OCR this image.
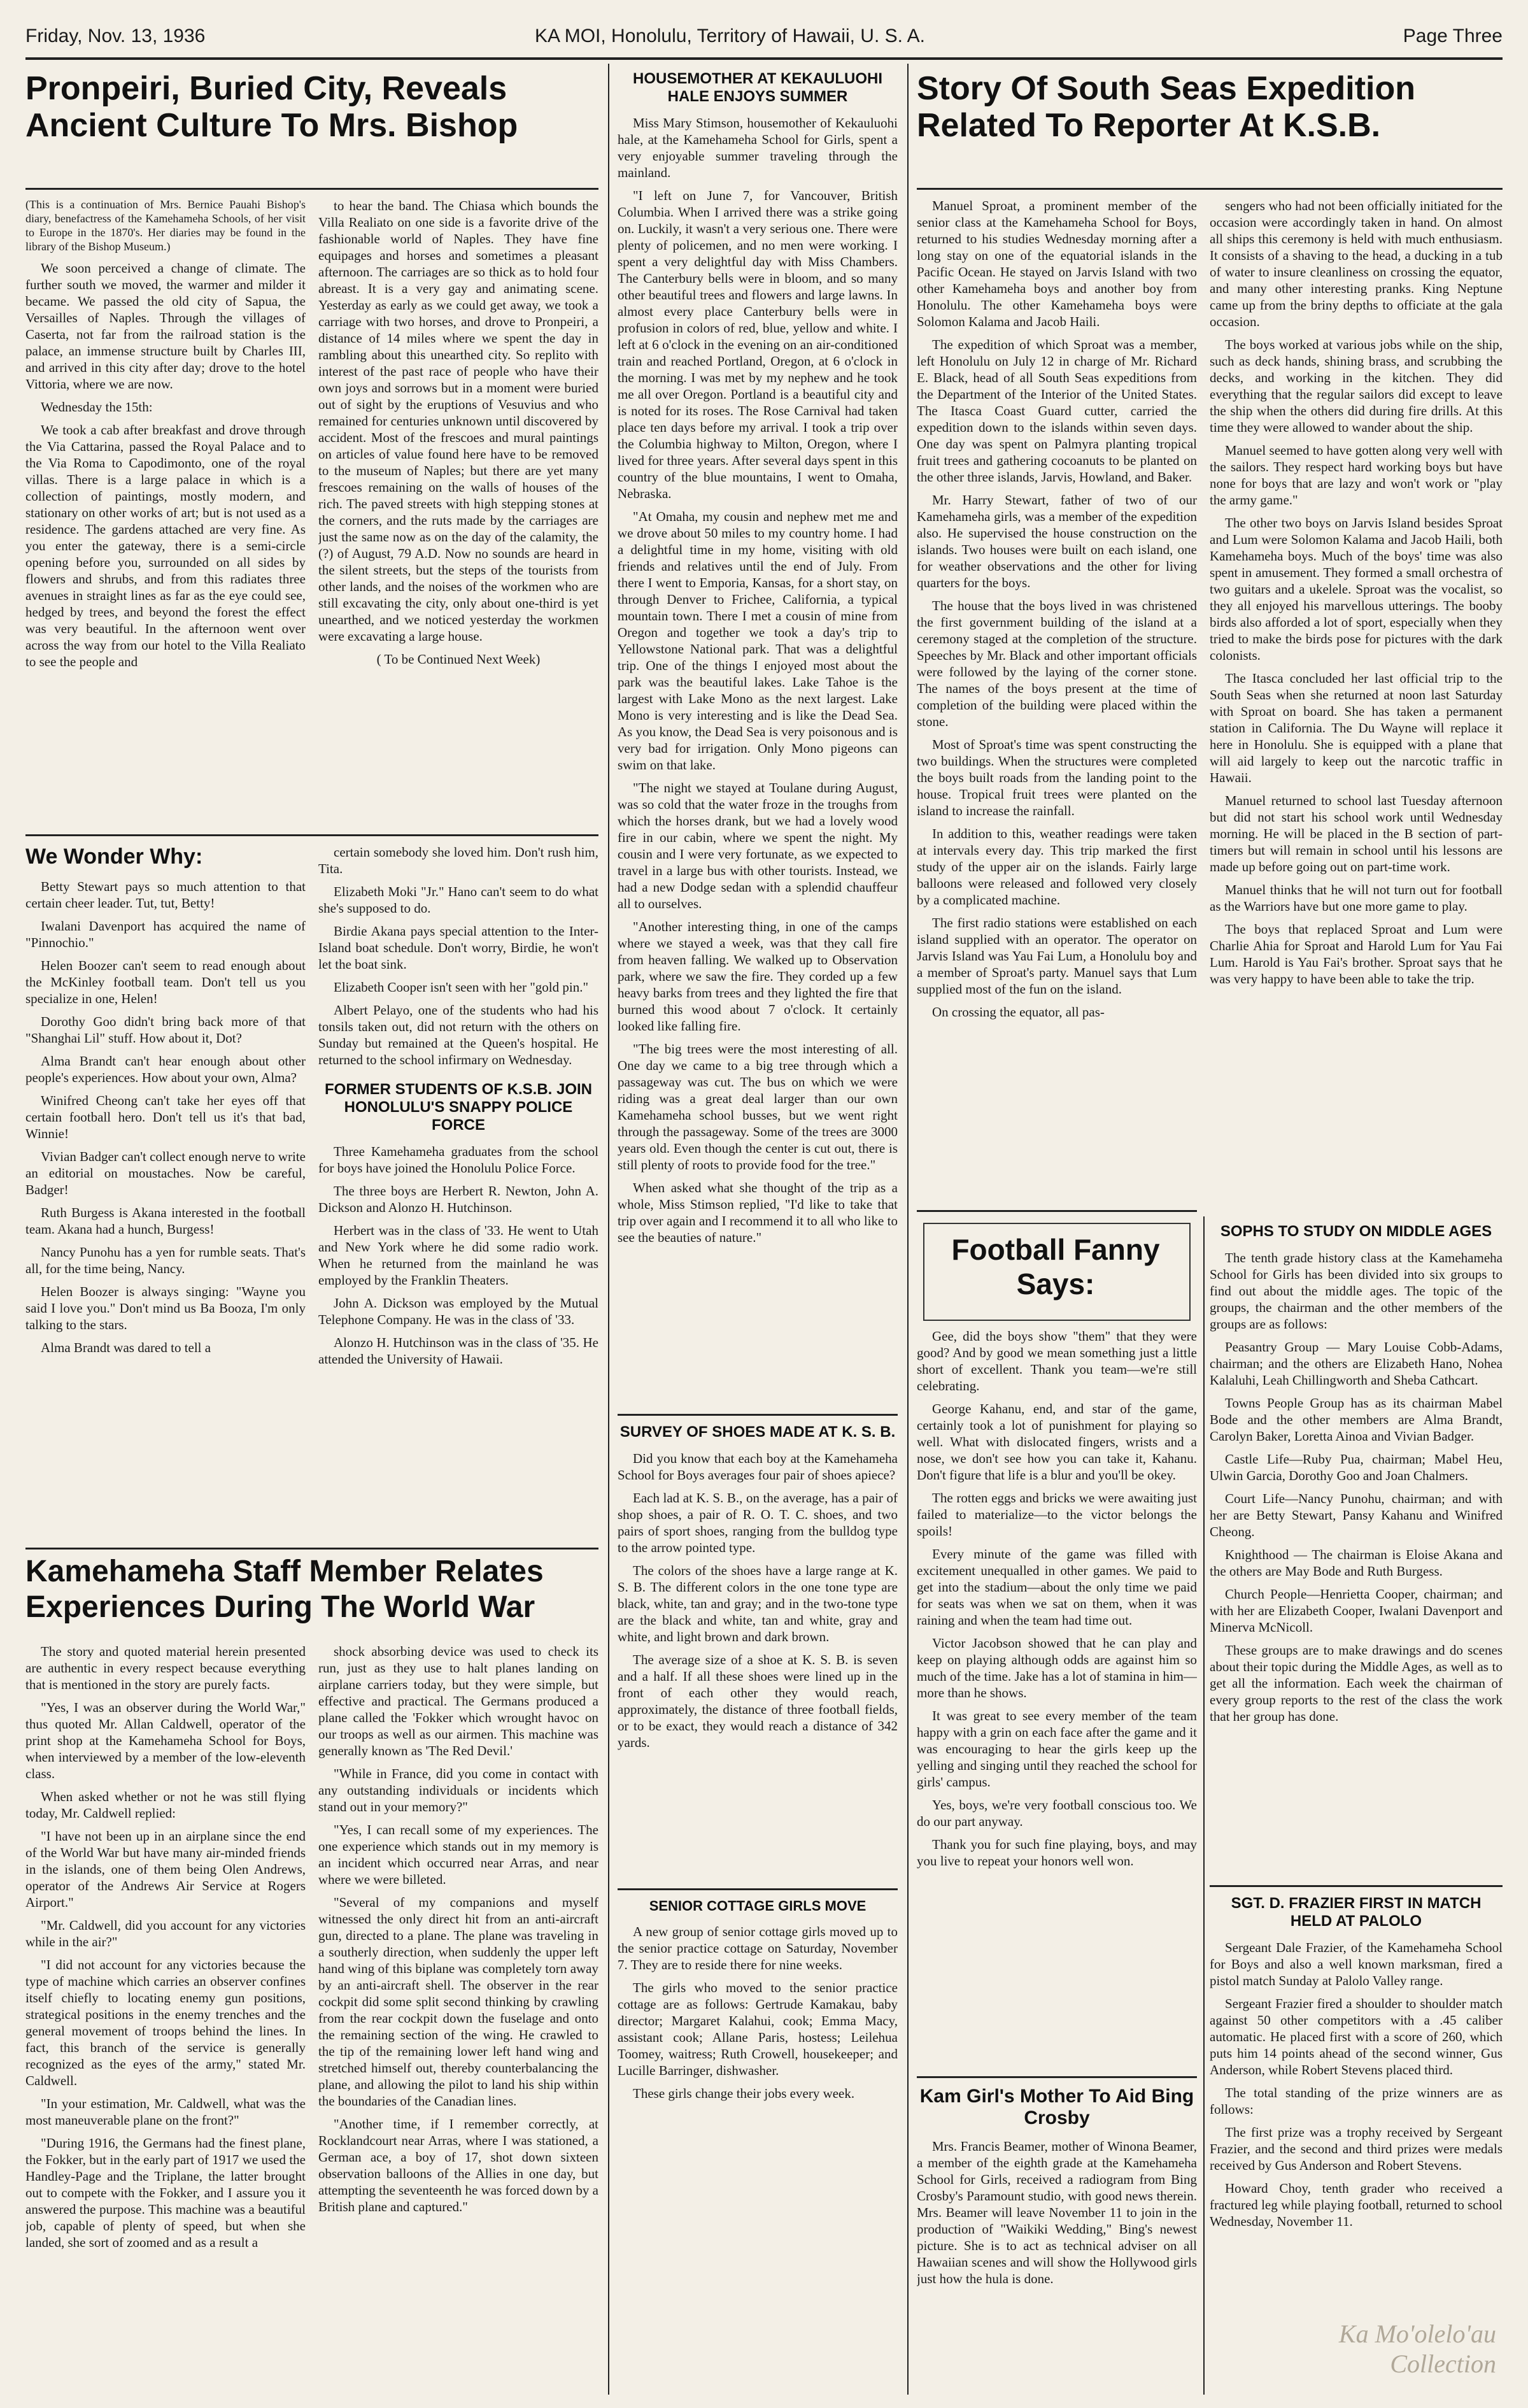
Friday, Nov. 13, 1936	KA MOI, Honolulu, Territory of Hawaii, U. S. A.	Page Three
Pronpeiri, Buried City, Reveals Ancient Culture To Mrs. Bishop

(This is a continuation of Mrs. Bernice Pauahi Bishop's diary, benefactress of the Kamehameha Schools, of her visit to Europe in the 1870's. Her diaries may be found in the library of the Bishop Museum.)

We soon perceived a change of climate. The further south we moved, the warmer and milder it became. We passed the old city of Sapua, the Versailles of Naples. Through the villages of Caserta, not far from the railroad station is the palace, an immense structure built by Charles III, and arrived in this city after day; drove to the hotel Vittoria, where we are now.

Wednesday the 15th:

We took a cab after breakfast and drove through the Via Cattarina, passed the Royal Palace and to the Via Roma to Capodimonto, one of the royal villas. There is a large palace in which is a collection of paintings, mostly modern, and stationary on other works of art; but is not used as a residence. The gardens attached are very fine. As you enter the gateway, there is a semi-circle opening before you, surrounded on all sides by flowers and shrubs, and from this radiates three avenues in straight lines as far as the eye could see, hedged by trees, and beyond the forest the effect was very beautiful. In the afternoon went over across the way from our hotel to the Villa Realiato to see the people and

to hear the band. The Chiasa which bounds the Villa Realiato on one side is a favorite drive of the fashionable world of Naples. They have fine equipages and horses and sometimes a pleasant afternoon. The carriages are so thick as to hold four abreast. It is a very gay and animating scene. Yesterday as early as we could get away, we took a carriage with two horses, and drove to Pronpeiri, a distance of 14 miles where we spent the day in rambling about this unearthed city. So replito with interest of the past race of people who have their own joys and sorrows but in a moment were buried out of sight by the eruptions of Vesuvius and who remained for centuries unknown until discovered by accident. Most of the frescoes and mural paintings on articles of value found here have to be removed to the museum of Naples; but there are yet many frescoes remaining on the walls of houses of the rich. The paved streets with high stepping stones at the corners, and the ruts made by the carriages are just the same now as on the day of the calamity, the (?) of August, 79 A.D. Now no sounds are heard in the silent streets, but the steps of the tourists from other lands, and the noises of the workmen who are still excavating the city, only about one-third is yet unearthed, and we noticed yesterday the workmen were excavating a large house.

( To be Continued Next Week)

We Wonder Why:

Betty Stewart pays so much attention to that certain cheer leader. Tut, tut, Betty!

Iwalani Davenport has acquired the name of "Pinnochio."

Helen Boozer can't seem to read enough about the McKinley football team. Don't tell us you specialize in one, Helen!

Dorothy Goo didn't bring back more of that "Shanghai Lil" stuff. How about it, Dot?

Alma Brandt can't hear enough about other people's experiences. How about your own, Alma?

Winifred Cheong can't take her eyes off that certain football hero. Don't tell us it's that bad, Winnie!

Vivian Badger can't collect enough nerve to write an editorial on moustaches. Now be careful, Badger!

Ruth Burgess is Akana interested in the football team. Akana had a hunch, Burgess!

Nancy Punohu has a yen for rumble seats. That's all, for the time being, Nancy.

Helen Boozer is always singing: "Wayne you said I love you." Don't mind us Ba Booza, I'm only talking to the stars.

Alma Brandt was dared to tell a

certain somebody she loved him. Don't rush him, Tita.

Elizabeth Moki "Jr." Hano can't seem to do what she's supposed to do.

Birdie Akana pays special attention to the Inter-Island boat schedule. Don't worry, Birdie, he won't let the boat sink.

Elizabeth Cooper isn't seen with her "gold pin."

Albert Pelayo, one of the students who had his tonsils taken out, did not return with the others on Sunday but remained at the Queen's hospital. He returned to the school infirmary on Wednesday.

FORMER STUDENTS OF K.S.B. JOIN HONOLULU'S SNAPPY POLICE FORCE

Three Kamehameha graduates from the school for boys have joined the Honolulu Police Force.

The three boys are Herbert R. Newton, John A. Dickson and Alonzo H. Hutchinson.

Herbert was in the class of '33. He went to Utah and New York where he did some radio work. When he returned from the mainland he was employed by the Franklin Theaters.

John A. Dickson was employed by the Mutual Telephone Company. He was in the class of '33.

Alonzo H. Hutchinson was in the class of '35. He attended the University of Hawaii.

Kamehameha Staff Member Relates Experiences During The World War

The story and quoted material herein presented are authentic in every respect because everything that is mentioned in the story are purely facts.

"Yes, I was an observer during the World War," thus quoted Mr. Allan Caldwell, operator of the print shop at the Kamehameha School for Boys, when interviewed by a member of the low-eleventh class.

When asked whether or not he was still flying today, Mr. Caldwell replied:

"I have not been up in an airplane since the end of the World War but have many air-minded friends in the islands, one of them being Olen Andrews, operator of the Andrews Air Service at Rogers Airport."

"Mr. Caldwell, did you account for any victories while in the air?"

"I did not account for any victories because the type of machine which carries an observer confines itself chiefly to locating enemy gun positions, strategical positions in the enemy trenches and the general movement of troops behind the lines. In fact, this branch of the service is generally recognized as the eyes of the army," stated Mr. Caldwell.

"In your estimation, Mr. Caldwell, what was the most maneuverable plane on the front?"

"During 1916, the Germans had the finest plane, the Fokker, but in the early part of 1917 we used the Handley-Page and the Triplane, the latter brought out to compete with the Fokker, and I assure you it answered the purpose. This machine was a beautiful job, capable of plenty of speed, but when she landed, she sort of zoomed and as a result a

shock absorbing device was used to check its run, just as they use to halt planes landing on airplane carriers today, but they were simple, but effective and practical. The Germans produced a plane called the 'Fokker which wrought havoc on our troops as well as our airmen. This machine was generally known as 'The Red Devil.'

"While in France, did you come in contact with any outstanding individuals or incidents which stand out in your memory?"

"Yes, I can recall some of my experiences. The one experience which stands out in my memory is an incident which occurred near Arras, and near where we were billeted.

"Several of my companions and myself witnessed the only direct hit from an anti-aircraft gun, directed to a plane. The plane was traveling in a southerly direction, when suddenly the upper left hand wing of this biplane was completely torn away by an anti-aircraft shell. The observer in the rear cockpit did some split second thinking by crawling from the rear cockpit down the fuselage and onto the remaining section of the wing. He crawled to the tip of the remaining lower left hand wing and stretched himself out, thereby counterbalancing the plane, and allowing the pilot to land his ship within the boundaries of the Canadian lines.

"Another time, if I remember correctly, at Rocklandcourt near Arras, where I was stationed, a German ace, a boy of 17, shot down sixteen observation balloons of the Allies in one day, but attempting the seventeenth he was forced down by a British plane and captured."

HOUSEMOTHER AT KEKAULUOHI HALE ENJOYS SUMMER

Miss Mary Stimson, housemother of Kekauluohi hale, at the Kamehameha School for Girls, spent a very enjoyable summer traveling through the mainland.

"I left on June 7, for Vancouver, British Columbia. When I arrived there was a strike going on. Luckily, it wasn't a very serious one. There were plenty of policemen, and no men were working. I spent a very delightful day with Miss Chambers. The Canterbury bells were in bloom, and so many other beautiful trees and flowers and large lawns. In almost every place Canterbury bells were in profusion in colors of red, blue, yellow and white. I left at 6 o'clock in the evening on an air-conditioned train and reached Portland, Oregon, at 6 o'clock in the morning. I was met by my nephew and he took me all over Oregon. Portland is a beautiful city and is noted for its roses. The Rose Carnival had taken place ten days before my arrival. I took a trip over the Columbia highway to Milton, Oregon, where I lived for three years. After several days spent in this country of the blue mountains, I went to Omaha, Nebraska.

"At Omaha, my cousin and nephew met me and we drove about 50 miles to my country home. I had a delightful time in my home, visiting with old friends and relatives until the end of July. From there I went to Emporia, Kansas, for a short stay, on through Denver to Frichee, California, a typical mountain town. There I met a cousin of mine from Oregon and together we took a day's trip to Yellowstone National park. That was a delightful trip. One of the things I enjoyed most about the park was the beautiful lakes. Lake Tahoe is the largest with Lake Mono as the next largest. Lake Mono is very interesting and is like the Dead Sea. As you know, the Dead Sea is very poisonous and is very bad for irrigation. Only Mono pigeons can swim on that lake.

"The night we stayed at Toulane during August, was so cold that the water froze in the troughs from which the horses drank, but we had a lovely wood fire in our cabin, where we spent the night. My cousin and I were very fortunate, as we expected to travel in a large bus with other tourists. Instead, we had a new Dodge sedan with a splendid chauffeur all to ourselves.

"Another interesting thing, in one of the camps where we stayed a week, was that they call fire from heaven falling. We walked up to Observation park, where we saw the fire. They corded up a few heavy barks from trees and they lighted the fire that burned this wood about 7 o'clock. It certainly looked like falling fire.

"The big trees were the most interesting of all. One day we came to a big tree through which a passageway was cut. The bus on which we were riding was a great deal larger than our own Kamehameha school busses, but we went right through the passageway. Some of the trees are 3000 years old. Even though the center is cut out, there is still plenty of roots to provide food for the tree."

When asked what she thought of the trip as a whole, Miss Stimson replied, "I'd like to take that trip over again and I recommend it to all who like to see the beauties of nature."

SURVEY OF SHOES MADE AT K. S. B.

Did you know that each boy at the Kamehameha School for Boys averages four pair of shoes apiece?

Each lad at K. S. B., on the average, has a pair of shop shoes, a pair of R. O. T. C. shoes, and two pairs of sport shoes, ranging from the bulldog type to the arrow pointed type.

The colors of the shoes have a large range at K. S. B. The different colors in the one tone type are black, white, tan and gray; and in the two-tone type are the black and white, tan and white, gray and white, and light brown and dark brown.

The average size of a shoe at K. S. B. is seven and a half. If all these shoes were lined up in the front of each other they would reach, approximately, the distance of three football fields, or to be exact, they would reach a distance of 342 yards.

SENIOR COTTAGE GIRLS MOVE

A new group of senior cottage girls moved up to the senior practice cottage on Saturday, November 7. They are to reside there for nine weeks.

The girls who moved to the senior practice cottage are as follows: Gertrude Kamakau, baby director; Margaret Kalahui, cook; Emma Macy, assistant cook; Allane Paris, hostess; Leilehua Toomey, waitress; Ruth Crowell, housekeeper; and Lucille Barringer, dishwasher.

These girls change their jobs every week.

Story Of South Seas Expedition Related To Reporter At K.S.B.

Manuel Sproat, a prominent member of the senior class at the Kamehameha School for Boys, returned to his studies Wednesday morning after a long stay on one of the equatorial islands in the Pacific Ocean. He stayed on Jarvis Island with two other Kamehameha boys and another boy from Honolulu. The other Kamehameha boys were Solomon Kalama and Jacob Haili.

The expedition of which Sproat was a member, left Honolulu on July 12 in charge of Mr. Richard E. Black, head of all South Seas expeditions from the Department of the Interior of the United States. The Itasca Coast Guard cutter, carried the expedition down to the islands within seven days. One day was spent on Palmyra planting tropical fruit trees and gathering cocoanuts to be planted on the other three islands, Jarvis, Howland, and Baker.

Mr. Harry Stewart, father of two of our Kamehameha girls, was a member of the expedition also. He supervised the house construction on the islands. Two houses were built on each island, one for weather observations and the other for living quarters for the boys.

The house that the boys lived in was christened the first government building of the island at a ceremony staged at the completion of the structure. Speeches by Mr. Black and other important officials were followed by the laying of the corner stone. The names of the boys present at the time of completion of the building were placed within the stone.

Most of Sproat's time was spent constructing the two buildings. When the structures were completed the boys built roads from the landing point to the house. Tropical fruit trees were planted on the island to increase the rainfall.

In addition to this, weather readings were taken at intervals every day. This trip marked the first study of the upper air on the islands. Fairly large balloons were released and followed very closely by a complicated machine.

The first radio stations were established on each island supplied with an operator. The operator on Jarvis Island was Yau Fai Lum, a Honolulu boy and a member of Sproat's party. Manuel says that Lum supplied most of the fun on the island.

On crossing the equator, all pas-

sengers who had not been officially initiated for the occasion were accordingly taken in hand. On almost all ships this ceremony is held with much enthusiasm. It consists of a shaving to the head, a ducking in a tub of water to insure cleanliness on crossing the equator, and many other interesting pranks. King Neptune came up from the briny depths to officiate at the gala occasion.

The boys worked at various jobs while on the ship, such as deck hands, shining brass, and scrubbing the decks, and working in the kitchen. They did everything that the regular sailors did except to leave the ship when the others did during fire drills. At this time they were allowed to wander about the ship.

Manuel seemed to have gotten along very well with the sailors. They respect hard working boys but have none for boys that are lazy and won't work or "play the army game."

The other two boys on Jarvis Island besides Sproat and Lum were Solomon Kalama and Jacob Haili, both Kamehameha boys. Much of the boys' time was also spent in amusement. They formed a small orchestra of two guitars and a ukelele. Sproat was the vocalist, so they all enjoyed his marvellous utterings. The booby birds also afforded a lot of sport, especially when they tried to make the birds pose for pictures with the dark colonists.

The Itasca concluded her last official trip to the South Seas when she returned at noon last Saturday with Sproat on board. She has taken a permanent station in California. The Du Wayne will replace it here in Honolulu. She is equipped with a plane that will aid largely to keep out the narcotic traffic in Hawaii.

Manuel returned to school last Tuesday afternoon but did not start his school work until Wednesday morning. He will be placed in the B section of part-timers but will remain in school until his lessons are made up before going out on part-time work.

Manuel thinks that he will not turn out for football as the Warriors have but one more game to play.

The boys that replaced Sproat and Lum were Charlie Ahia for Sproat and Harold Lum for Yau Fai Lum. Harold is Yau Fai's brother. Sproat says that he was very happy to have been able to take the trip.

Football Fanny Says:

Gee, did the boys show "them" that they were good? And by good we mean something just a little short of excellent. Thank you team—we're still celebrating.

George Kahanu, end, and star of the game, certainly took a lot of punishment for playing so well. What with dislocated fingers, wrists and a nose, we don't see how you can take it, Kahanu. Don't figure that life is a blur and you'll be okey.

The rotten eggs and bricks we were awaiting just failed to materialize—to the victor belongs the spoils!

Every minute of the game was filled with excitement unequalled in other games. We paid to get into the stadium—about the only time we paid for seats was when we sat on them, when it was raining and when the team had time out.

Victor Jacobson showed that he can play and keep on playing although odds are against him so much of the time. Jake has a lot of stamina in him—more than he shows.

It was great to see every member of the team happy with a grin on each face after the game and it was encouraging to hear the girls keep up the yelling and singing until they reached the school for girls' campus.

Yes, boys, we're very football conscious too. We do our part anyway.

Thank you for such fine playing, boys, and may you live to repeat your honors well won.

Kam Girl's Mother To Aid Bing Crosby

Mrs. Francis Beamer, mother of Winona Beamer, a member of the eighth grade at the Kamehameha School for Girls, received a radiogram from Bing Crosby's Paramount studio, with good news therein. Mrs. Beamer will leave November 11 to join in the production of "Waikiki Wedding," Bing's newest picture. She is to act as technical adviser on all Hawaiian scenes and will show the Hollywood girls just how the hula is done.

SOPHS TO STUDY ON MIDDLE AGES

The tenth grade history class at the Kamehameha School for Girls has been divided into six groups to find out about the middle ages. The topic of the groups, the chairman and the other members of the groups are as follows:

Peasantry Group — Mary Louise Cobb-Adams, chairman; and the others are Elizabeth Hano, Nohea Kalaluhi, Leah Chillingworth and Sheba Cathcart.

Towns People Group has as its chairman Mabel Bode and the other members are Alma Brandt, Carolyn Baker, Loretta Ainoa and Vivian Badger.

Castle Life—Ruby Pua, chairman; Mabel Heu, Ulwin Garcia, Dorothy Goo and Joan Chalmers.

Court Life—Nancy Punohu, chairman; and with her are Betty Stewart, Pansy Kahanu and Winifred Cheong.

Knighthood — The chairman is Eloise Akana and the others are May Bode and Ruth Burgess.

Church People—Henrietta Cooper, chairman; and with her are Elizabeth Cooper, Iwalani Davenport and Minerva McNicoll.

These groups are to make drawings and do scenes about their topic during the Middle Ages, as well as to get all the information. Each week the chairman of every group reports to the rest of the class the work that her group has done.

SGT. D. FRAZIER FIRST IN MATCH HELD AT PALOLO

Sergeant Dale Frazier, of the Kamehameha School for Boys and also a well known marksman, fired a pistol match Sunday at Palolo Valley range.

Sergeant Frazier fired a shoulder to shoulder match against 50 other competitors with a .45 caliber automatic. He placed first with a score of 260, which puts him 14 points ahead of the second winner, Gus Anderson, while Robert Stevens placed third.

The total standing of the prize winners are as follows:

The first prize was a trophy received by Sergeant Frazier, and the second and third prizes were medals received by Gus Anderson and Robert Stevens.

Howard Choy, tenth grader who received a fractured leg while playing football, returned to school Wednesday, November 11.

Ka Mo'olelo'au Collection
